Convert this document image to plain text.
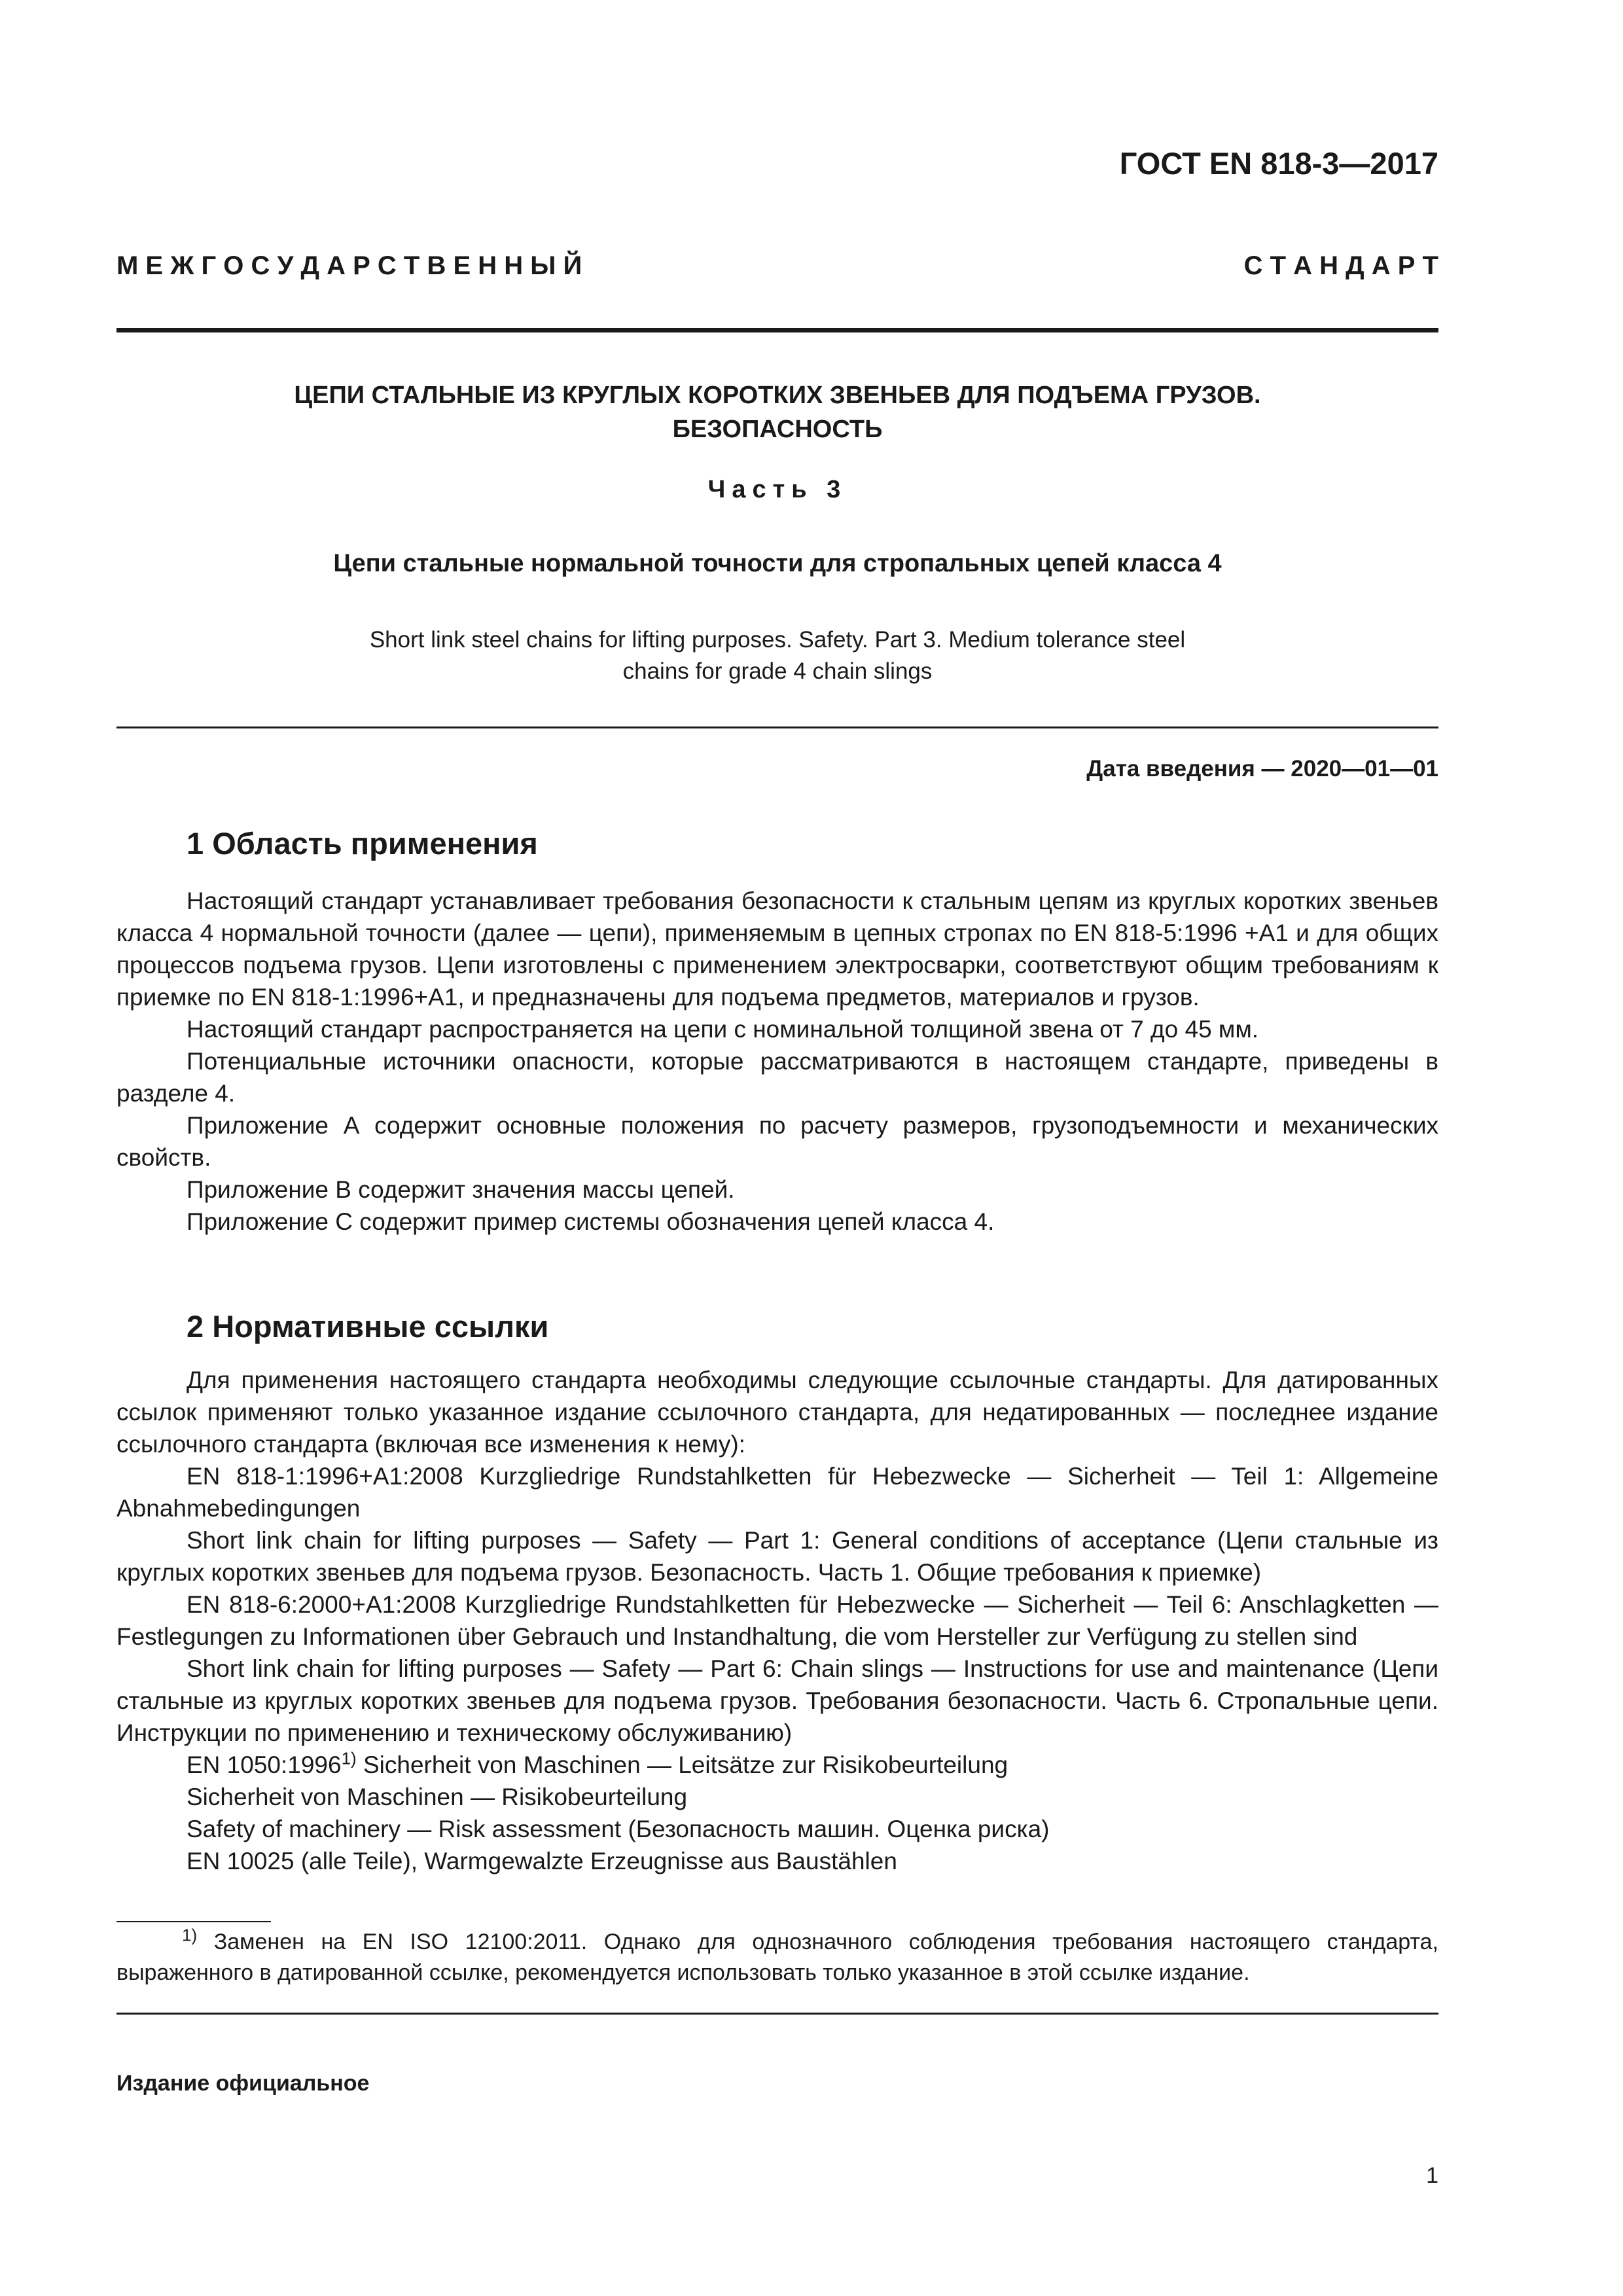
ГОСТ EN 818-3—2017
М Е Ж Г О С У Д А Р С Т В Е Н Н Ы Й	С Т А Н Д А Р Т
ЦЕПИ СТАЛЬНЫЕ ИЗ КРУГЛЫХ КОРОТКИХ ЗВЕНЬЕВ ДЛЯ ПОДЪЕМА ГРУЗОВ.
БЕЗОПАСНОСТЬ
Часть 3
Цепи стальные нормальной точности для стропальных цепей класса 4
Short link steel chains for lifting purposes. Safety. Part 3. Medium tolerance steel
chains for grade 4 chain slings
Дата введения — 2020—01—01
1 Область применения

Настоящий стандарт устанавливает требования безопасности к стальным цепям из круглых коротких звеньев класса 4 нормальной точности (далее — цепи), применяемым в цепных стропах по EN 818-5:1996 +А1 и для общих процессов подъема грузов. Цепи изготовлены с применением электросварки, соответствуют общим требованиям к приемке по EN 818-1:1996+А1, и предназначены для подъема предметов, материалов и грузов.

Настоящий стандарт распространяется на цепи с номинальной толщиной звена от 7 до 45 мм.

Потенциальные источники опасности, которые рассматриваются в настоящем стандарте, приведены в разделе 4.

Приложение А содержит основные положения по расчету размеров, грузоподъемности и механических свойств.

Приложение В содержит значения массы цепей.

Приложение С содержит пример системы обозначения цепей класса 4.

2 Нормативные ссылки

Для применения настоящего стандарта необходимы следующие ссылочные стандарты. Для датированных ссылок применяют только указанное издание ссылочного стандарта, для недатированных — последнее издание ссылочного стандарта (включая все изменения к нему):

EN 818-1:1996+A1:2008 Kurzgliedrige Rundstahlketten für Hebezwecke — Sicherheit — Teil 1: Allgemeine Abnahmebedingungen

Short link chain for lifting purposes — Safety — Part 1: General conditions of acceptance (Цепи стальные из круглых коротких звеньев для подъема грузов. Безопасность. Часть 1. Общие требования к приемке)

EN 818-6:2000+A1:2008 Kurzgliedrige Rundstahlketten für Hebezwecke — Sicherheit — Teil 6: Anschlagketten — Festlegungen zu Informationen über Gebrauch und Instandhaltung, die vom Hersteller zur Verfügung zu stellen sind

Short link chain for lifting purposes — Safety — Part 6: Chain slings — Instructions for use and maintenance (Цепи стальные из круглых коротких звеньев для подъема грузов. Требования безопасности. Часть 6. Стропальные цепи. Инструкции по применению и техническому обслуживанию)

EN 1050:1996$^{1)}$ Sicherheit von Maschinen — Leitsätze zur Risikobeurteilung

Sicherheit von Maschinen — Risikobeurteilung

Safety of machinery — Risk assessment (Безопасность машин. Оценка риска)

EN 10025 (alle Teile), Warmgewalzte Erzeugnisse aus Baustählen

$^{1)}$ Заменен на EN ISO 12100:2011. Однако для однозначного соблюдения требования настоящего стандарта, выраженного в датированной ссылке, рекомендуется использовать только указанное в этой ссылке издание.

Издание официальное
1
